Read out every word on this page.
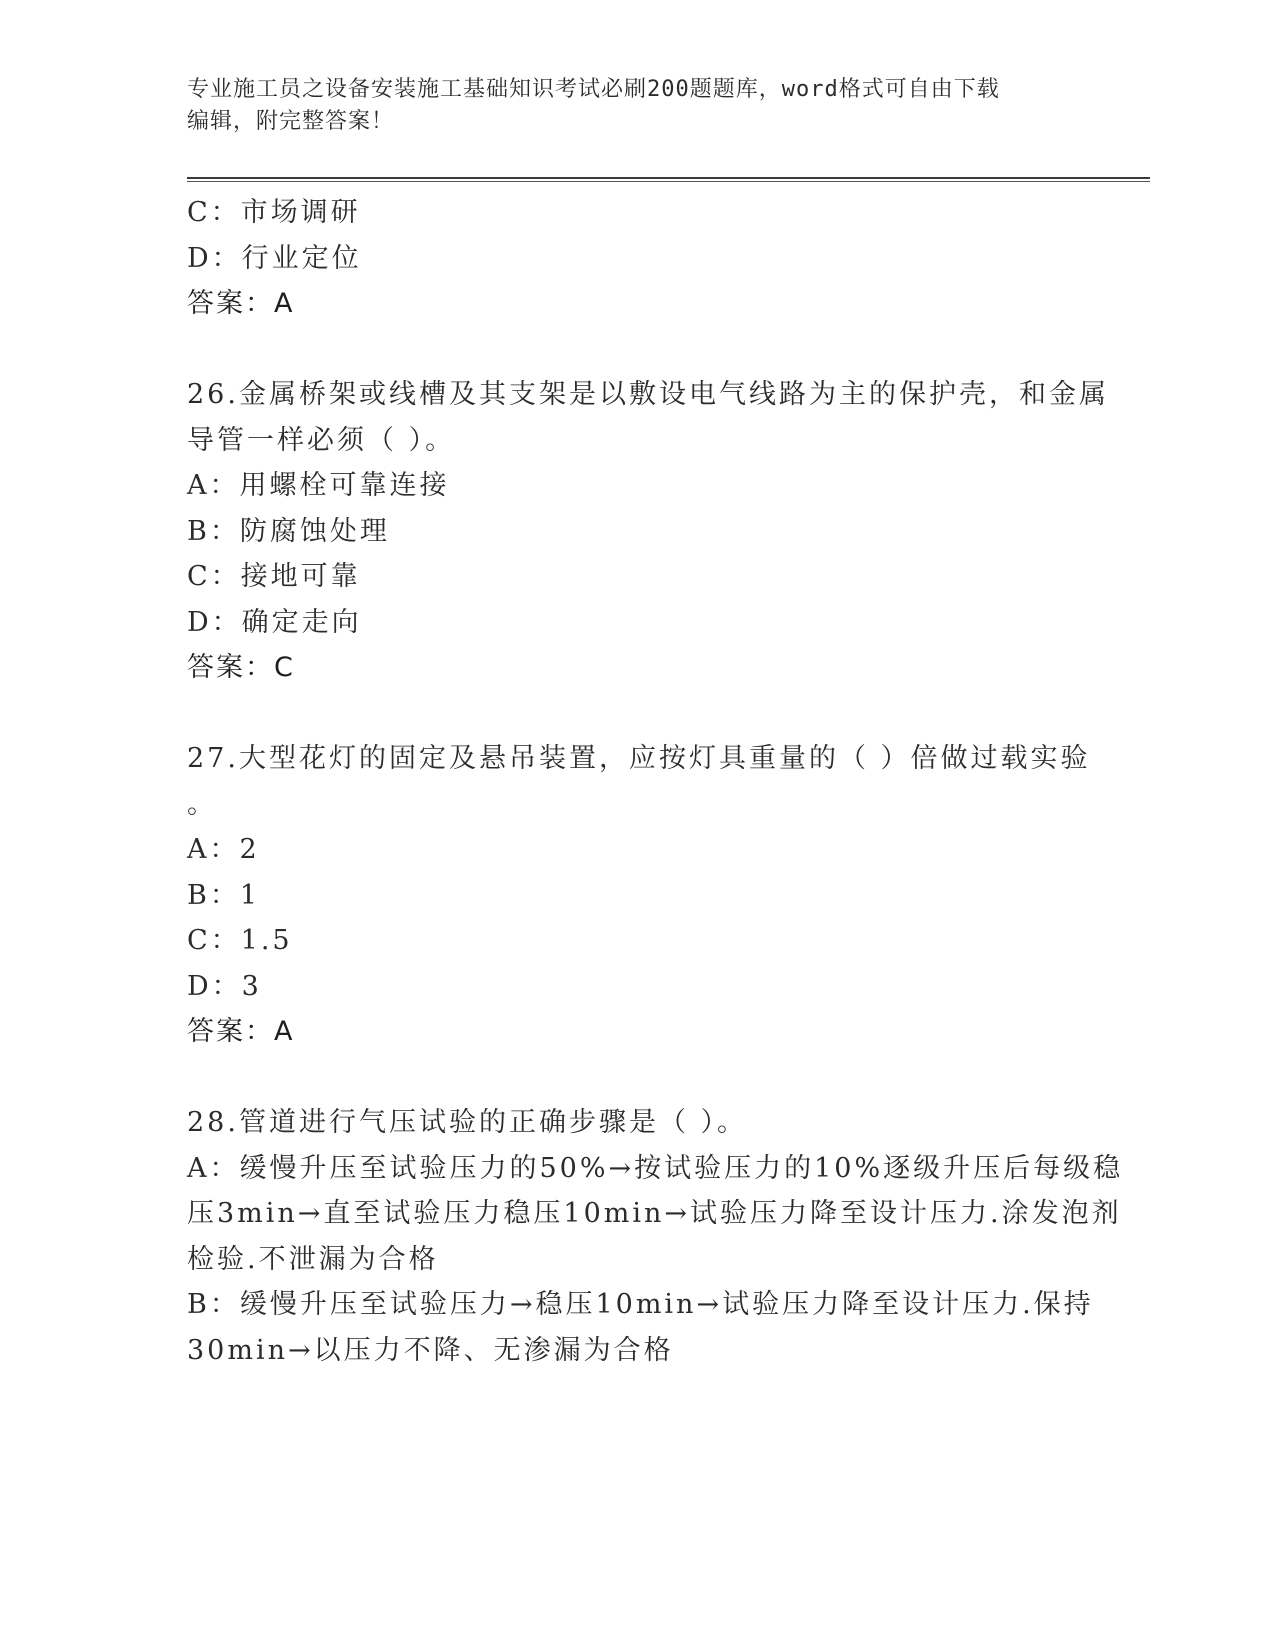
专业施工员之设备安装施工基础知识考试必刷200题题库，word格式可自由下载
编辑，附完整答案！
C：市场调研
D：行业定位
答案：A
26.金属桥架或线槽及其支架是以敷设电气线路为主的保护壳，和金属
导管一样必须（ ）。
A：用螺栓可靠连接
B：防腐蚀处理
C：接地可靠
D：确定走向
答案：C
27.大型花灯的固定及悬吊装置，应按灯具重量的（ ）倍做过载实验
。
A：2
B：1
C：1.5
D：3
答案：A
28.管道进行气压试验的正确步骤是（ ）。
A：缓慢升压至试验压力的50%→按试验压力的10%逐级升压后每级稳
压3min→直至试验压力稳压10min→试验压力降至设计压力.涂发泡剂
检验.不泄漏为合格
B：缓慢升压至试验压力→稳压10min→试验压力降至设计压力.保持
30min→以压力不降、无渗漏为合格
